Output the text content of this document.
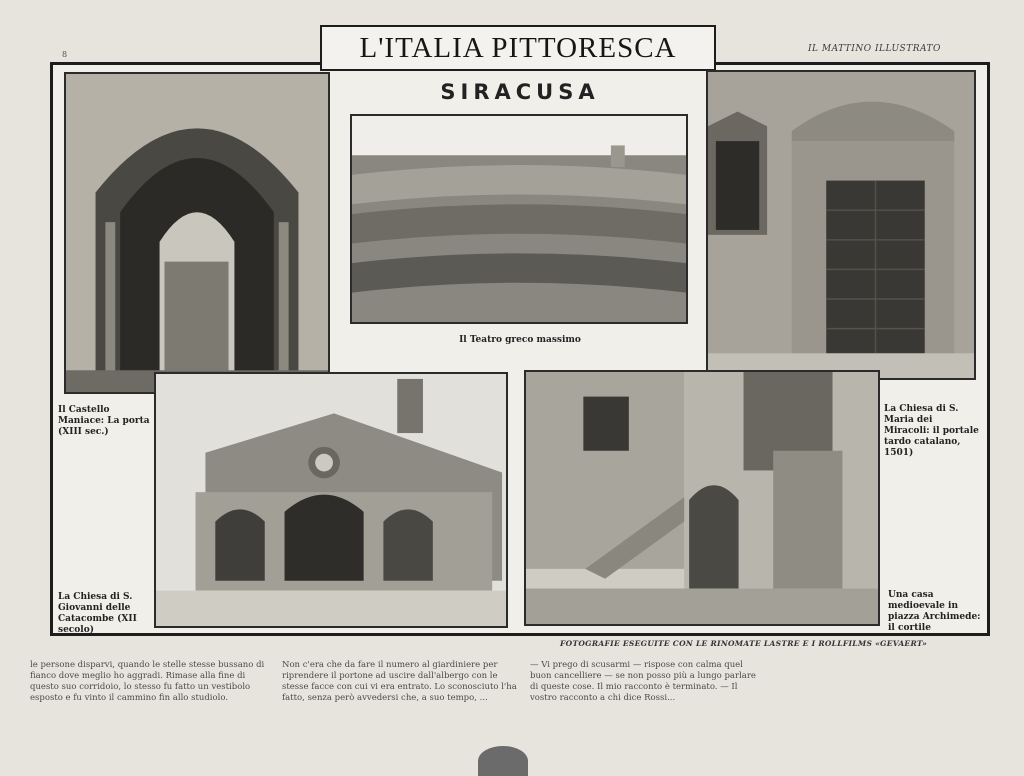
8
IL MATTINO ILLUSTRATO
L'ITALIA PITTORESCA
SIRACUSA
Il Castello Maniace: La porta (XIII sec.)
Il Teatro greco massimo
La Chiesa di S. Maria dei Miracoli: il portale tardo catalano, 1501)
La Chiesa di S. Giovanni delle Catacombe (XII secolo)
Una casa medioevale in piazza Archimede: il cortile
FOTOGRAFIE ESEGUITE CON LE RINOMATE LASTRE E I ROLLFILMS «GEVAERT»

le persone disparvi, quando le stelle stesse bussano di fianco dove meglio ho aggradi. Rimase alla fine di questo suo corridoio, lo stesso fu fatto un vestibolo esposto e fu vinto il cammino fin allo studiolo.

Non c'era che da fare il numero al giardiniere per riprendere il portone ad uscire dall'albergo con le stesse facce con cui vi era entrato. Lo sconosciuto l'ha fatto, senza però avvedersi che, a suo tempo, ...

— Vi prego di scusarmi — rispose con calma quel buon cancelliere — se non posso più a lungo parlare di queste cose. Il mio racconto è terminato. — Il vostro racconto a chi dice Rossi...
